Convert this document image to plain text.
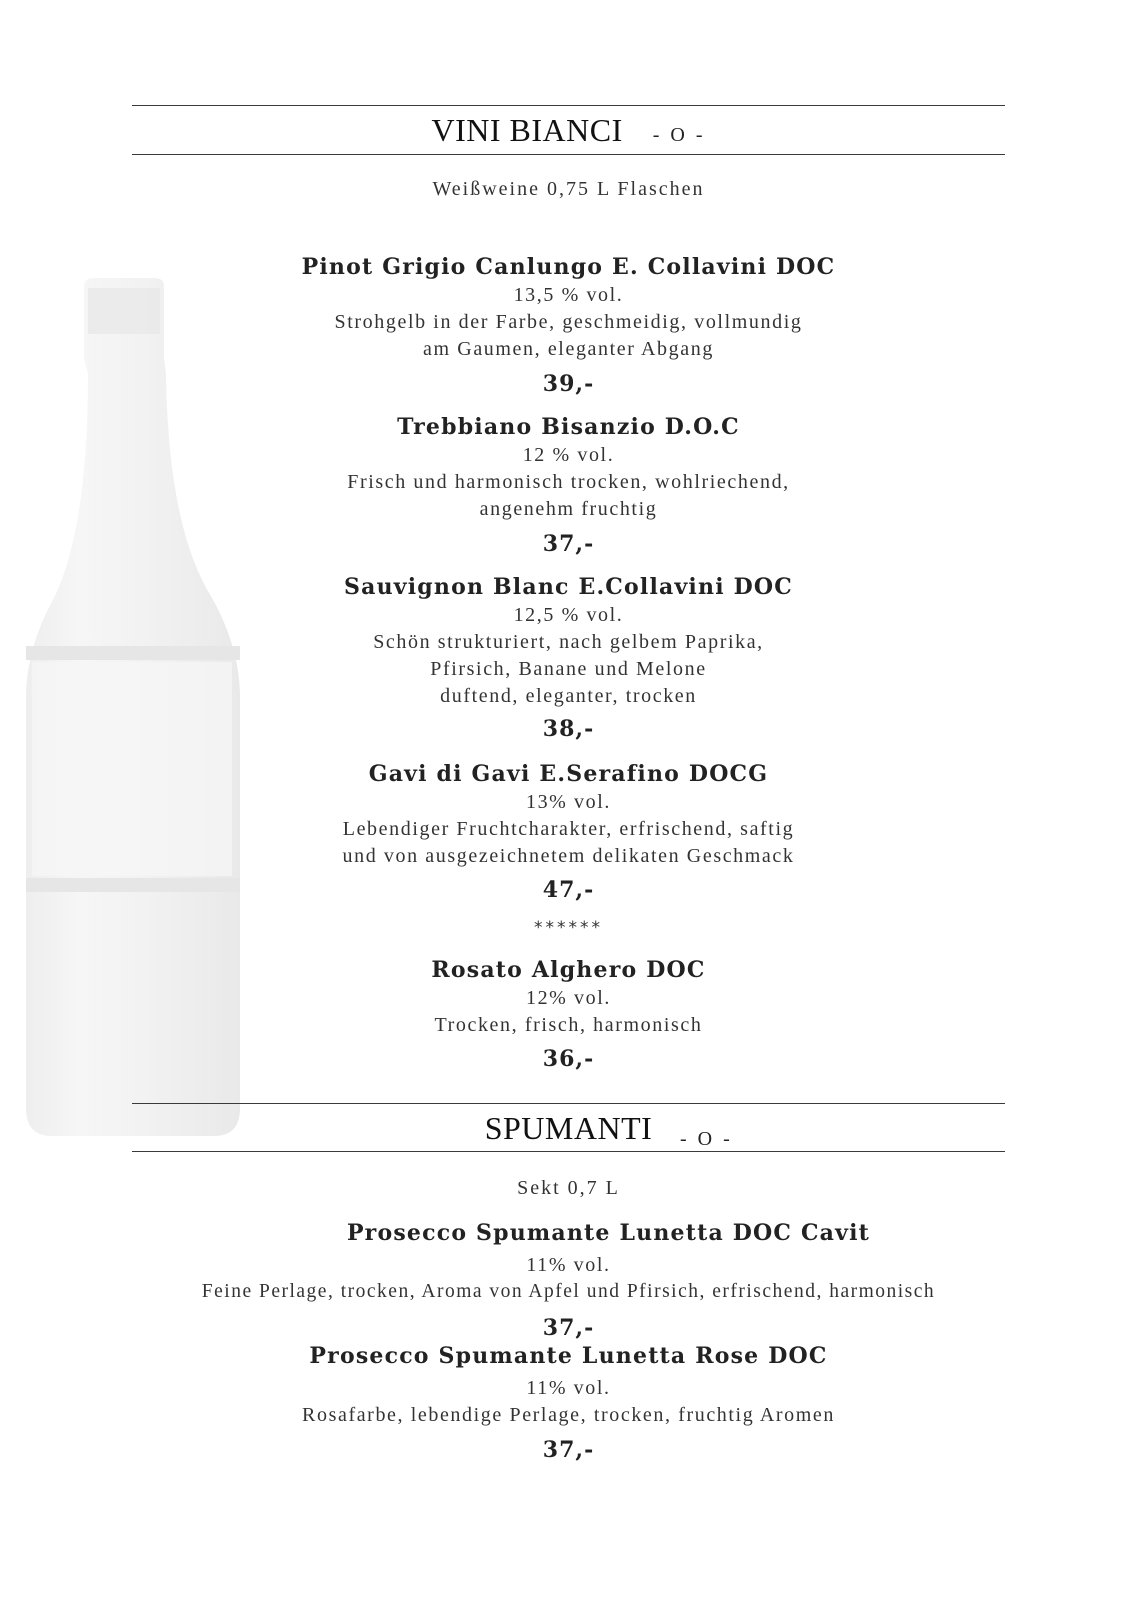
VINI BIANCI - O -
Weißweine 0,75 L Flaschen
Pinot Grigio Canlungo E. Collavini DOC
13,5 % vol.
Strohgelb in der Farbe, geschmeidig, vollmundig
am Gaumen, eleganter Abgang
39,-
Trebbiano Bisanzio D.O.C
12 % vol.
Frisch und harmonisch trocken, wohlriechend,
angenehm fruchtig
37,-
Sauvignon Blanc E.Collavini DOC
12,5 % vol.
Schön strukturiert, nach gelbem Paprika,
Pfirsich, Banane und Melone
duftend, eleganter, trocken
38,-
Gavi di Gavi E.Serafino DOCG
13% vol.
Lebendiger Fruchtcharakter, erfrischend, saftig
und von ausgezeichnetem delikaten Geschmack
47,-
******
Rosato Alghero DOC
12% vol.
Trocken, frisch, harmonisch
36,-
SPUMANTI	- O -
Sekt 0,7 L
Prosecco Spumante Lunetta DOC Cavit
11% vol.
Feine Perlage, trocken, Aroma von Apfel und Pfirsich, erfrischend, harmonisch
37,-
Prosecco Spumante Lunetta Rose DOC
11% vol.
Rosafarbe, lebendige Perlage, trocken, fruchtig Aromen
37,-
